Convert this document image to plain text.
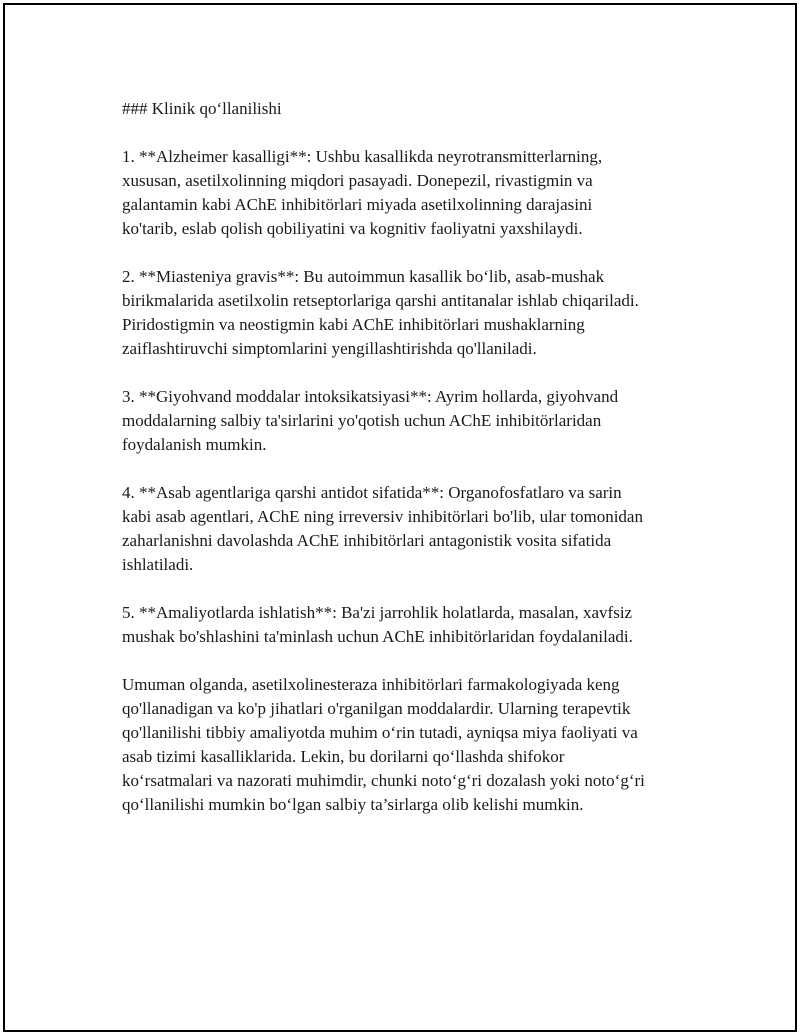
### Klinik qo‘llanilishi

1. **Alzheimer kasalligi**: Ushbu kasallikda neyrotransmitterlarning,
xususan, asetilxolinning miqdori pasayadi. Donepezil, rivastigmin va
galantamin kabi AChE inhibitörlari miyada asetilxolinning darajasini
ko'tarib, eslab qolish qobiliyatini va kognitiv faoliyatni yaxshilaydi.

2. **Miasteniya gravis**: Bu autoimmun kasallik bo‘lib, asab-mushak
birikmalarida asetilxolin retseptorlariga qarshi antitanalar ishlab chiqariladi.
Piridostigmin va neostigmin kabi AChE inhibitörlari mushaklarning
zaiflashtiruvchi simptomlarini yengillashtirishda qo'llaniladi.

3. **Giyohvand moddalar intoksikatsiyasi**: Ayrim hollarda, giyohvand
moddalarning salbiy ta'sirlarini yo'qotish uchun AChE inhibitörlaridan
foydalanish mumkin.

4. **Asab agentlariga qarshi antidot sifatida**: Organofosfatlaro va sarin
kabi asab agentlari, AChE ning irreversiv inhibitörlari bo'lib, ular tomonidan
zaharlanishni davolashda AChE inhibitörlari antagonistik vosita sifatida
ishlatiladi.

5. **Amaliyotlarda ishlatish**: Ba'zi jarrohlik holatlarda, masalan, xavfsiz
mushak bo'shlashini ta'minlash uchun AChE inhibitörlaridan foydalaniladi.

Umuman olganda, asetilxolinesteraza inhibitörlari farmakologiyada keng
qo'llanadigan va ko'p jihatlari o'rganilgan moddalardir. Ularning terapevtik
qo'llanilishi tibbiy amaliyotda muhim o‘rin tutadi, ayniqsa miya faoliyati va
asab tizimi kasalliklarida. Lekin, bu dorilarni qo‘llashda shifokor
ko‘rsatmalari va nazorati muhimdir, chunki noto‘g‘ri dozalash yoki noto‘g‘ri
qo‘llanilishi mumkin bo‘lgan salbiy ta’sirlarga olib kelishi mumkin.
